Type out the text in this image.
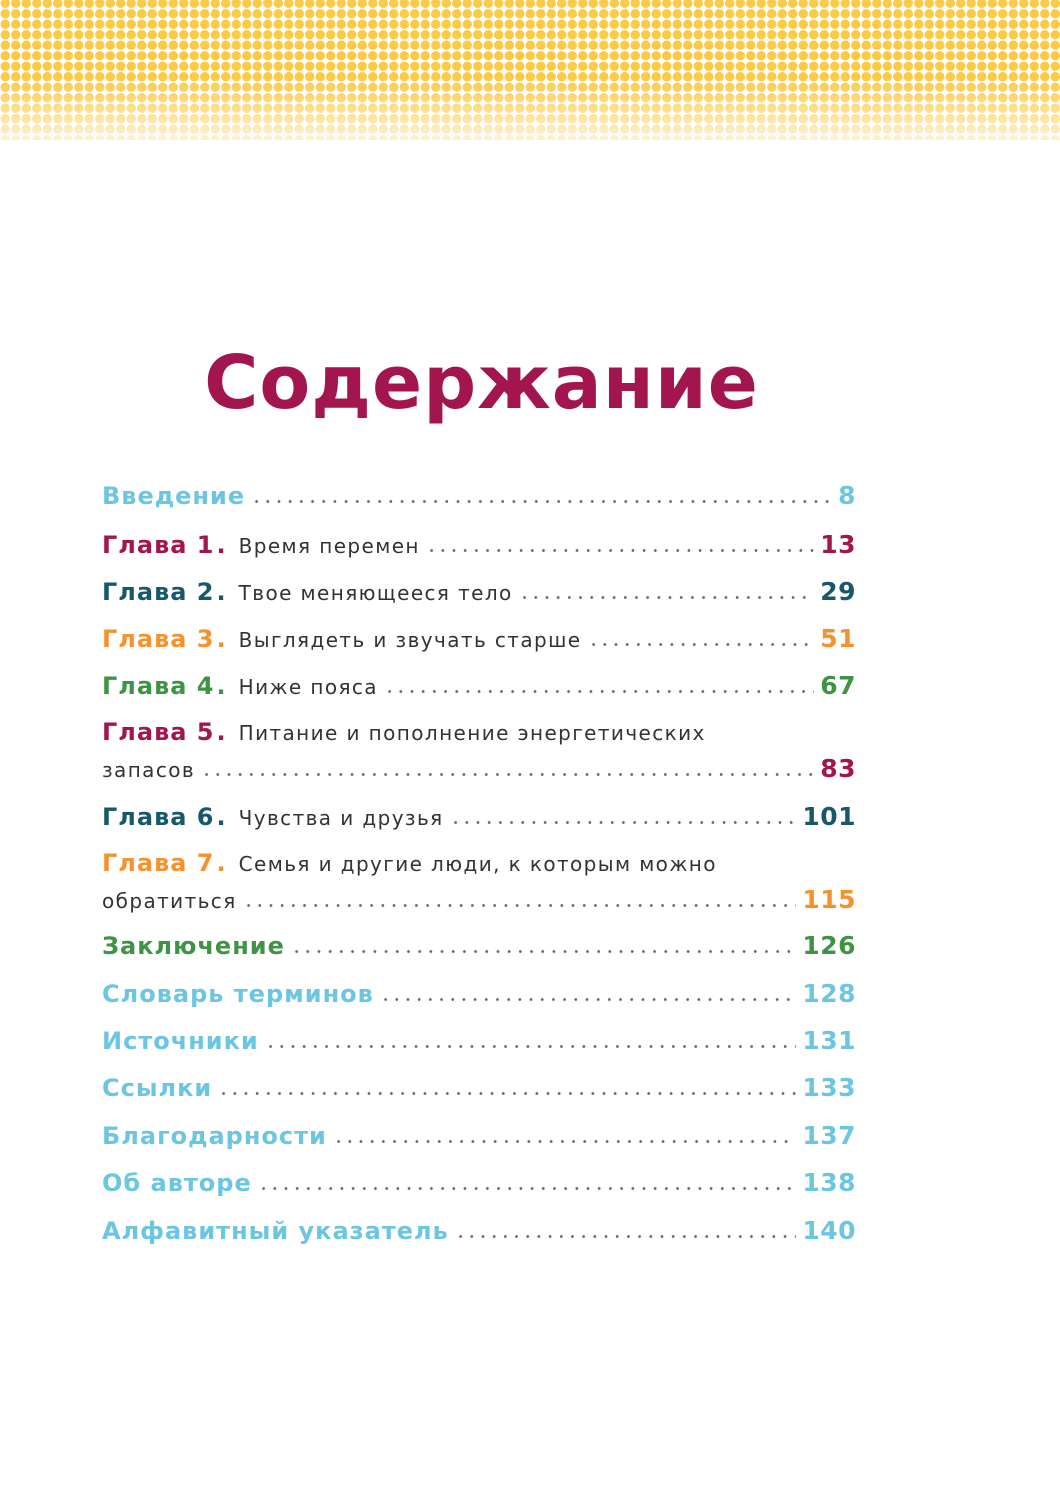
Содержание
Введение	8
Глава 1 . Время перемен	13
Глава 2 . Твое меняющееся тело	29
Глава 3 . Выглядеть и звучать старше	51
Глава 4 . Ниже пояса	67
Глава 5 . Питание и пополнение энергетических
запасов	83
Глава 6 . Чувства и друзья	101
Глава 7 . Семья и другие люди, к которым можно
обратиться	115
Заключение	126
Словарь терминов	128
Источники	131
Ссылки	133
Благодарности	137
Об авторе	138
Алфавитный указатель	140
